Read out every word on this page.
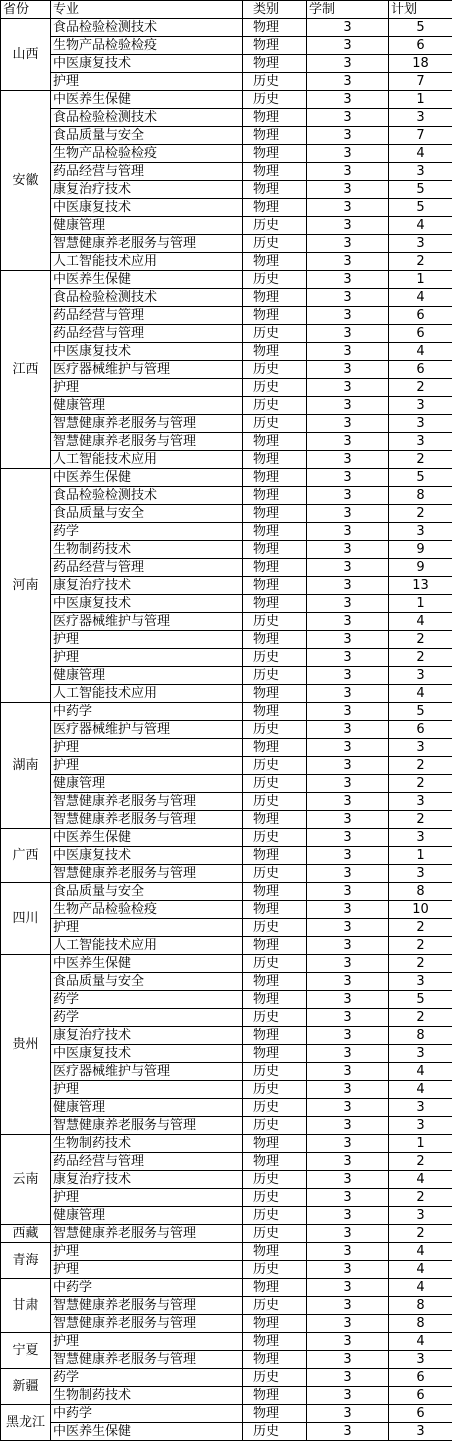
省份	专业	类别	学制	计划
山西	食品检验检测技术	物理	3	5
	生物产品检验检疫	物理	3	6
	中医康复技术	物理	3	18
	护理	历史	3	7
安徽	中医养生保健	历史	3	1
	食品检验检测技术	物理	3	3
	食品质量与安全	物理	3	7
	生物产品检验检疫	物理	3	4
	药品经营与管理	物理	3	3
	康复治疗技术	物理	3	5
	中医康复技术	物理	3	5
	健康管理	历史	3	4
	智慧健康养老服务与管理	历史	3	3
	人工智能技术应用	物理	3	2
江西	中医养生保健	历史	3	1
	食品检验检测技术	物理	3	4
	药品经营与管理	物理	3	6
	药品经营与管理	历史	3	6
	中医康复技术	物理	3	4
	医疗器械维护与管理	历史	3	6
	护理	历史	3	2
	健康管理	历史	3	3
	智慧健康养老服务与管理	历史	3	3
	智慧健康养老服务与管理	物理	3	3
	人工智能技术应用	物理	3	2
河南	中医养生保健	物理	3	5
	食品检验检测技术	物理	3	8
	食品质量与安全	物理	3	2
	药学	物理	3	3
	生物制药技术	物理	3	9
	药品经营与管理	物理	3	9
	康复治疗技术	物理	3	13
	中医康复技术	物理	3	1
	医疗器械维护与管理	历史	3	4
	护理	物理	3	2
	护理	历史	3	2
	健康管理	历史	3	3
	人工智能技术应用	物理	3	4
湖南	中药学	物理	3	5
	医疗器械维护与管理	历史	3	6
	护理	物理	3	3
	护理	历史	3	2
	健康管理	历史	3	2
	智慧健康养老服务与管理	历史	3	3
	智慧健康养老服务与管理	物理	3	2
广西	中医养生保健	历史	3	3
	中医康复技术	物理	3	1
	智慧健康养老服务与管理	历史	3	3
四川	食品质量与安全	物理	3	8
	生物产品检验检疫	物理	3	10
	护理	历史	3	2
	人工智能技术应用	物理	3	2
贵州	中医养生保健	历史	3	2
	食品质量与安全	物理	3	3
	药学	物理	3	5
	药学	历史	3	2
	康复治疗技术	物理	3	8
	中医康复技术	物理	3	3
	医疗器械维护与管理	历史	3	4
	护理	历史	3	4
	健康管理	历史	3	3
	智慧健康养老服务与管理	历史	3	3
云南	生物制药技术	物理	3	1
	药品经营与管理	物理	3	2
	康复治疗技术	历史	3	4
	护理	历史	3	2
	健康管理	历史	3	3
西藏	智慧健康养老服务与管理	历史	3	2
青海	护理	物理	3	4
	护理	历史	3	4
甘肃	中药学	物理	3	4
	智慧健康养老服务与管理	历史	3	8
	智慧健康养老服务与管理	物理	3	8
宁夏	护理	物理	3	4
	智慧健康养老服务与管理	物理	3	3
新疆	药学	历史	3	6
	生物制药技术	物理	3	6
黑龙江	中药学	物理	3	6
	中医养生保健	历史	3	3
